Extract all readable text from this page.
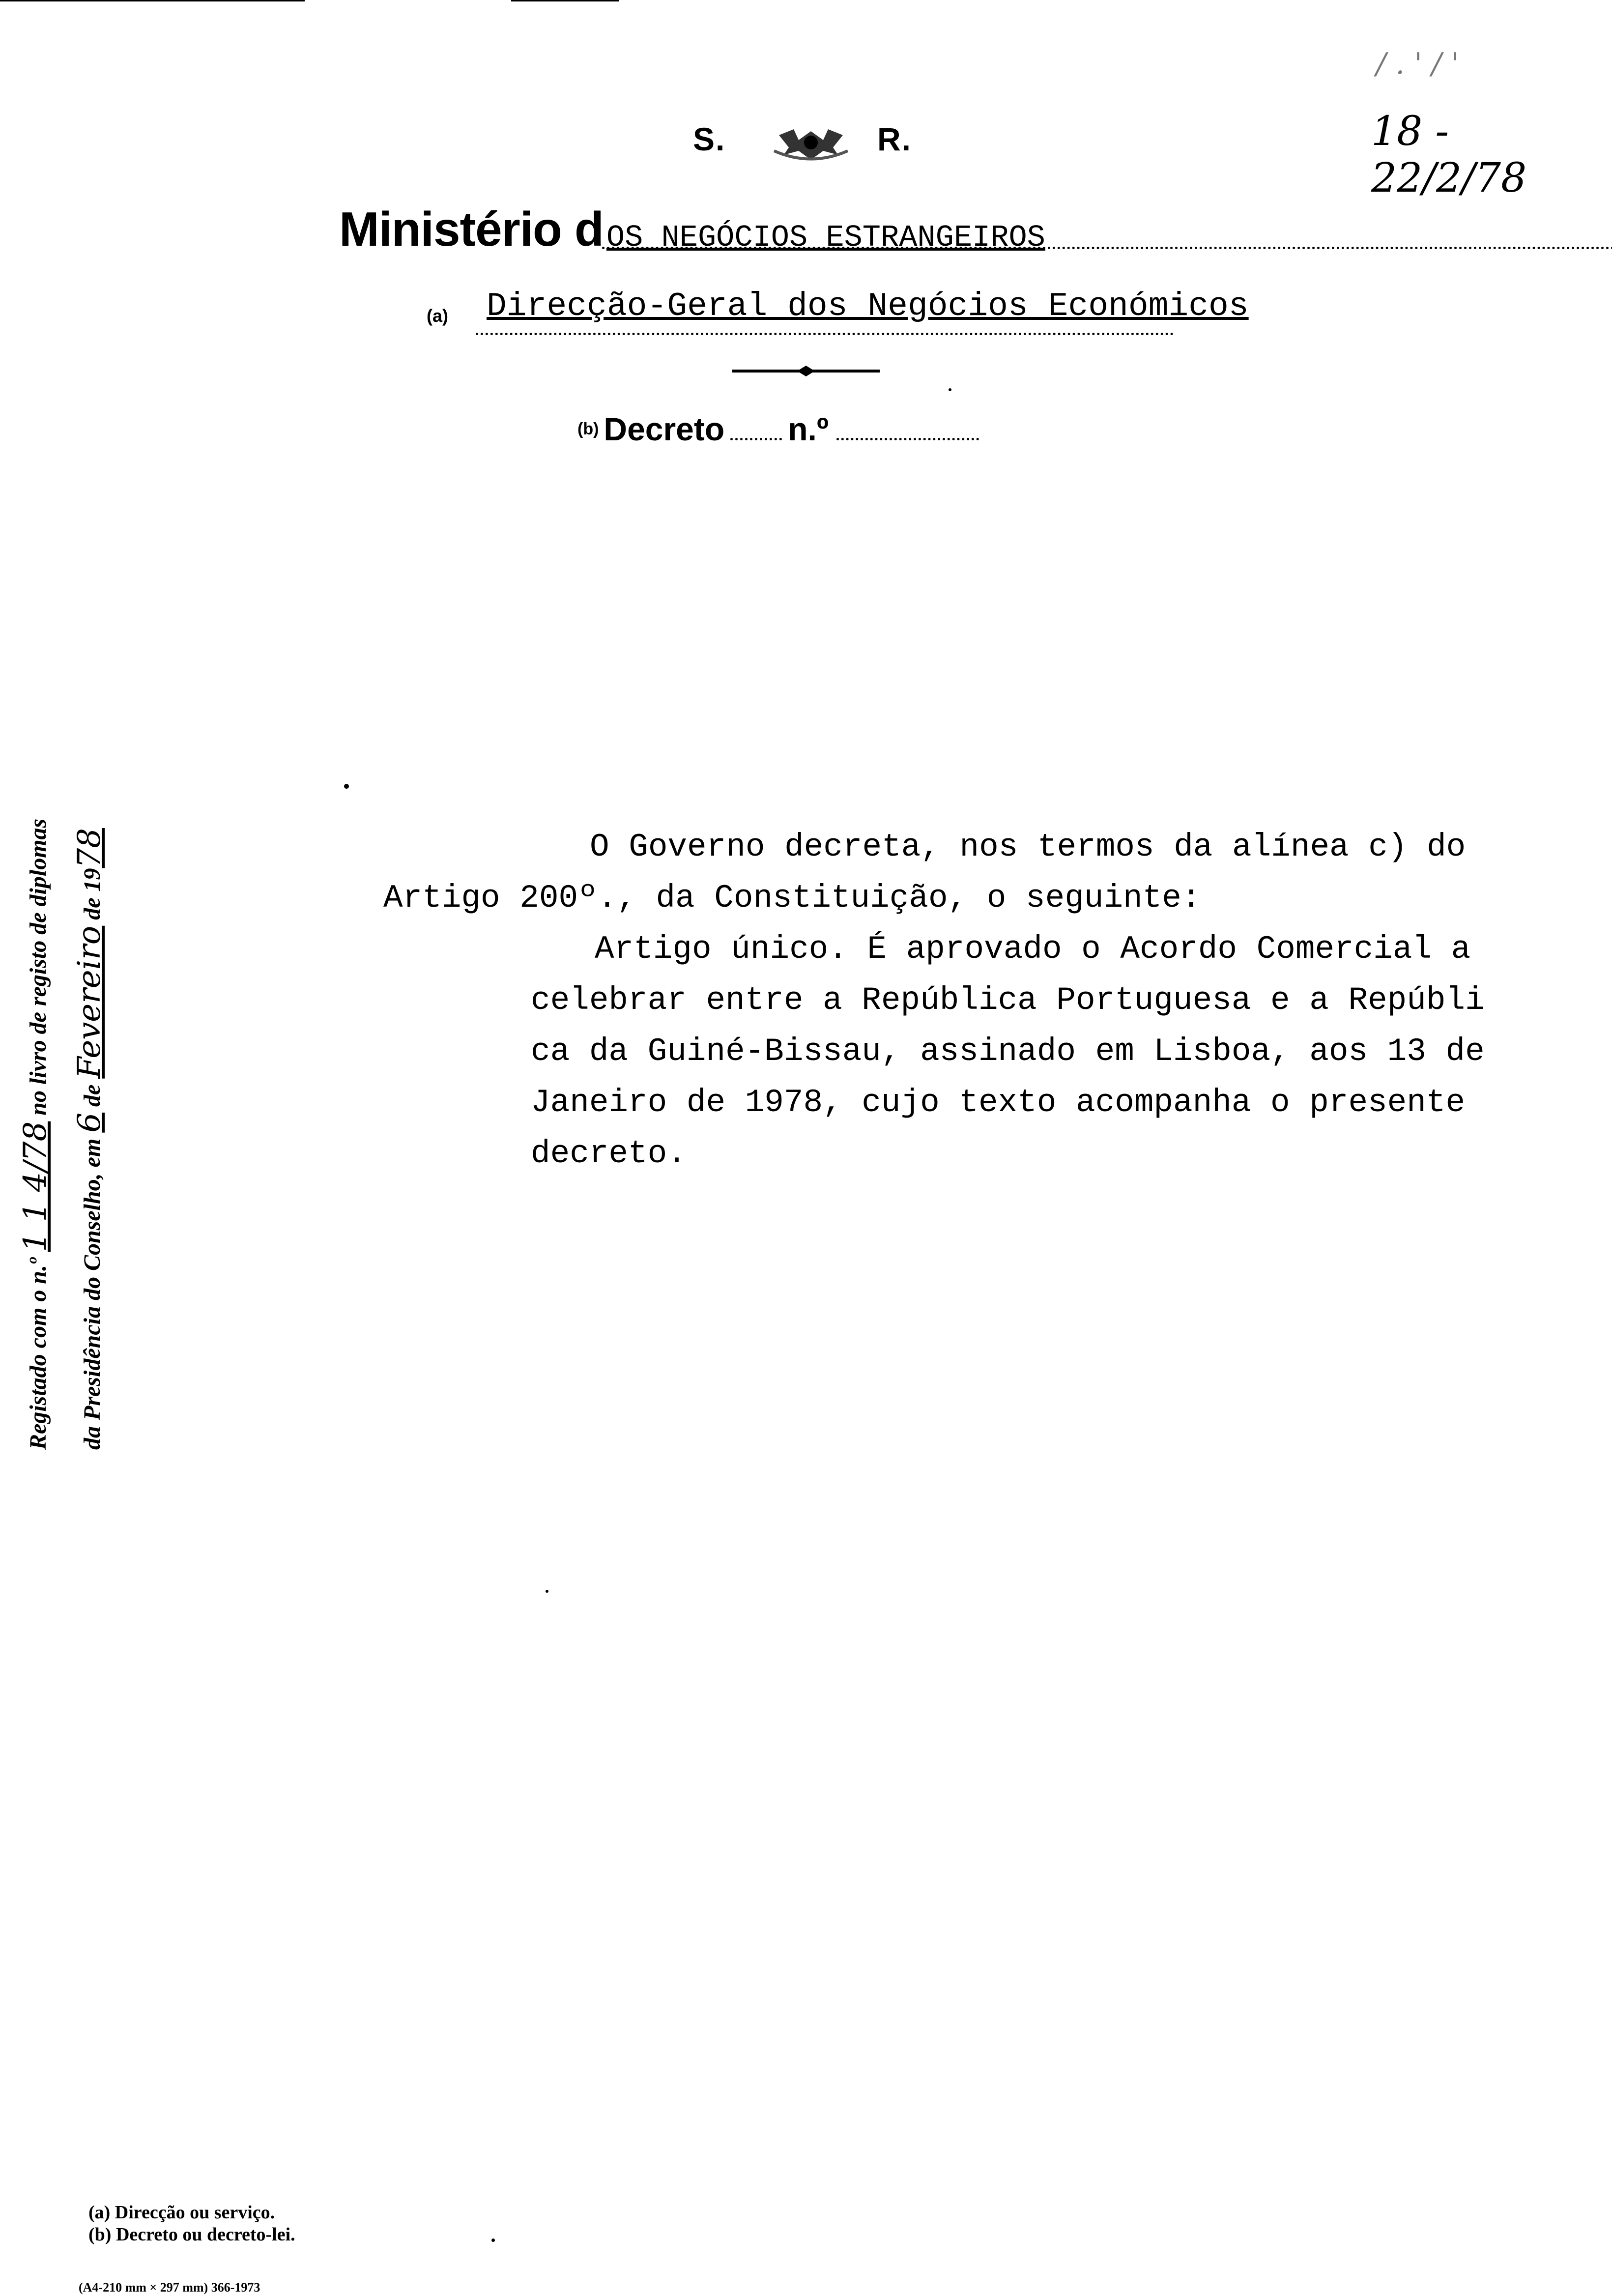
S.	R.
/ . ' / '
18 - 22/2/78
Ministério dOS NEGÓCIOS ESTRANGEIROS
(a) Direcção-Geral dos Negócios Económicos
(b) Decreto n.º
Registado com o n.º 1 1 4/78 no livro de registo de diplomas
da Presidência do Conselho, em 6 de Fevereiro de 1978	O Governo decreta, nos termos da alínea c) do
Artigo 200º., da Constituição, o seguinte:

Artigo único. É aprovado o Acordo Comercial a
celebrar entre a República Portuguesa e a Repúbli
ca da Guiné-Bissau, assinado em Lisboa, aos 13 de
Janeiro de 1978, cujo texto acompanha o presente
decreto.

(a) Direcção ou serviço.
(b) Decreto ou decreto-lei.
(A4-210 mm × 297 mm) 366-1973
